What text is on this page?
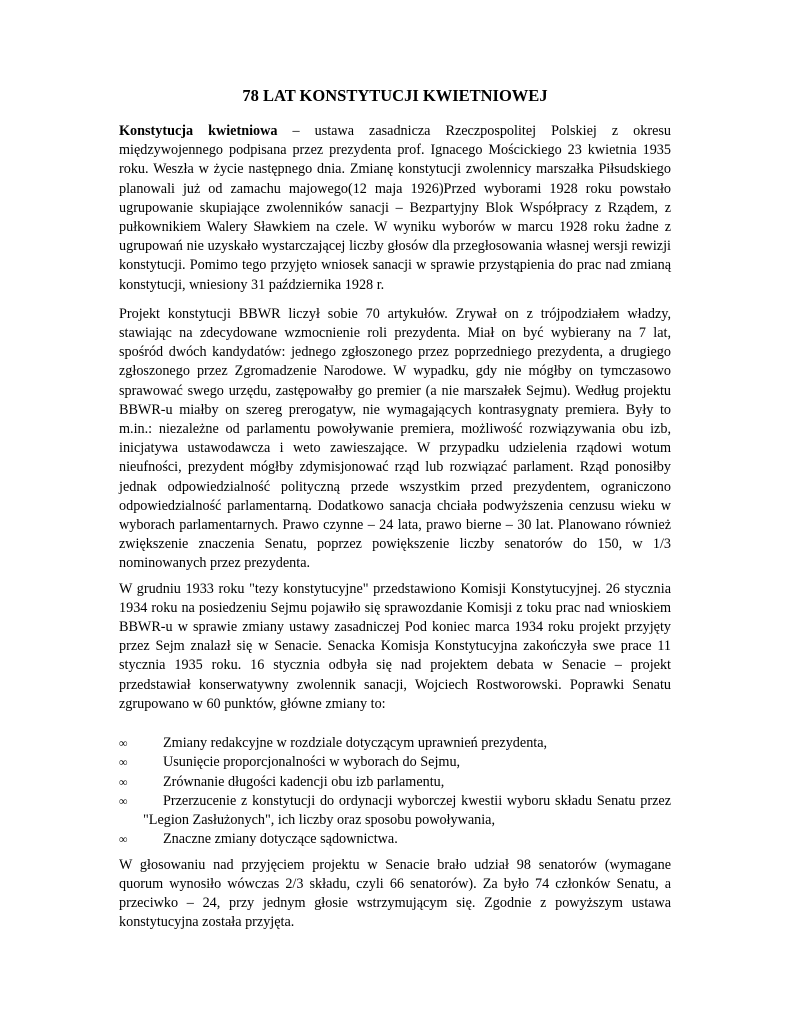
78 LAT KONSTYTUCJI KWIETNIOWEJ

Konstytucja kwietniowa – ustawa zasadnicza Rzeczpospolitej Polskiej z okresu międzywojennego podpisana przez prezydenta prof. Ignacego Mościckiego 23 kwietnia 1935 roku. Weszła w życie następnego dnia. Zmianę konstytucji zwolennicy marszałka Piłsudskiego planowali już od zamachu majowego(12 maja 1926)Przed wyborami 1928 roku powstało ugrupowanie skupiające zwolenników sanacji – Bezpartyjny Blok Współpracy z Rządem, z pułkownikiem Walery Sławkiem na czele. W wyniku wyborów w marcu 1928 roku żadne z ugrupowań nie uzyskało wystarczającej liczby głosów dla przegłosowania własnej wersji rewizji konstytucji. Pomimo tego przyjęto wniosek sanacji w sprawie przystąpienia do prac nad zmianą konstytucji, wniesiony 31 października 1928 r.

Projekt konstytucji BBWR liczył sobie 70 artykułów. Zrywał on z trójpodziałem władzy, stawiając na zdecydowane wzmocnienie roli prezydenta. Miał on być wybierany na 7 lat, spośród dwóch kandydatów: jednego zgłoszonego przez poprzedniego prezydenta, a drugiego zgłoszonego przez Zgromadzenie Narodowe. W wypadku, gdy nie mógłby on tymczasowo sprawować swego urzędu, zastępowałby go premier (a nie marszałek Sejmu). Według projektu BBWR-u miałby on szereg prerogatyw, nie wymagających kontrasygnaty premiera. Były to m.in.: niezależne od parlamentu powoływanie premiera, możliwość rozwiązywania obu izb, inicjatywa ustawodawcza i weto zawieszające. W przypadku udzielenia rządowi wotum nieufności, prezydent mógłby zdymisjonować rząd lub rozwiązać parlament. Rząd ponosiłby jednak odpowiedzialność polityczną przede wszystkim przed prezydentem, ograniczono odpowiedzialność parlamentarną. Dodatkowo sanacja chciała podwyższenia cenzusu wieku w wyborach parlamentarnych. Prawo czynne – 24 lata, prawo bierne – 30 lat. Planowano również zwiększenie znaczenia Senatu, poprzez powiększenie liczby senatorów do 150, w 1/3 nominowanych przez prezydenta.

W grudniu 1933 roku "tezy konstytucyjne" przedstawiono Komisji Konstytucyjnej. 26 stycznia 1934 roku na posiedzeniu Sejmu pojawiło się sprawozdanie Komisji z toku prac nad wnioskiem BBWR-u w sprawie zmiany ustawy zasadniczej Pod koniec marca 1934 roku projekt przyjęty przez Sejm znalazł się w Senacie. Senacka Komisja Konstytucyjna zakończyła swe prace 11 stycznia 1935 roku. 16 stycznia odbyła się nad projektem debata w Senacie – projekt przedstawiał konserwatywny zwolennik sanacji, Wojciech Rostworowski. Poprawki Senatu zgrupowano w 60 punktów, główne zmiany to:

∞	Zmiany redakcyjne w rozdziale dotyczącym uprawnień prezydenta,
∞	Usunięcie proporcjonalności w wyborach do Sejmu,
∞	Zrównanie długości kadencji obu izb parlamentu,
∞	Przerzucenie z konstytucji do ordynacji wyborczej kwestii wyboru składu Senatu przez "Legion Zasłużonych", ich liczby oraz sposobu powoływania,
∞	Znaczne zmiany dotyczące sądownictwa.

W głosowaniu nad przyjęciem projektu w Senacie brało udział 98 senatorów (wymagane quorum wynosiło wówczas 2/3 składu, czyli 66 senatorów). Za było 74 członków Senatu, a przeciwko – 24, przy jednym głosie wstrzymującym się. Zgodnie z powyższym ustawa konstytucyjna została przyjęta.
